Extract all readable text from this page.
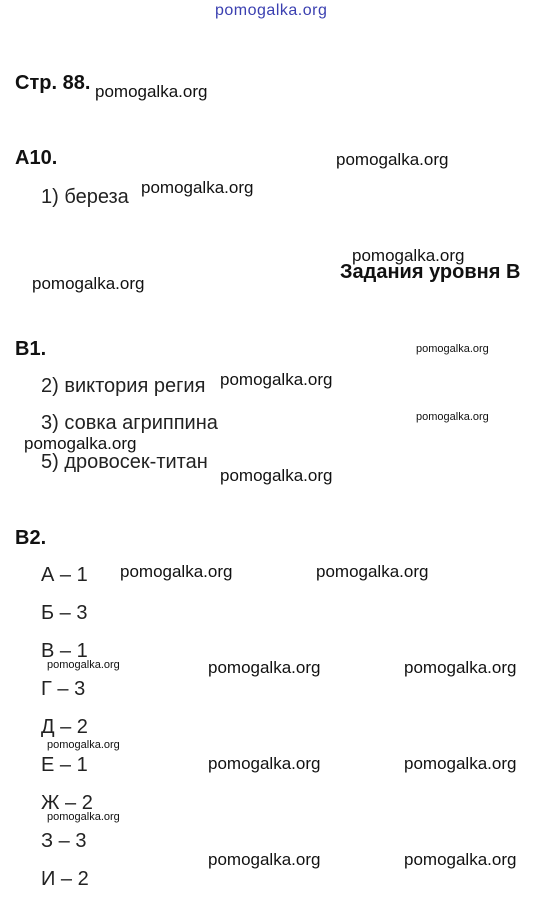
pomogalka.org
Стр. 88. pomogalka.org
А10.	pomogalka.org
1) береза pomogalka.org
pomogalka.org
Задания уровня В
pomogalka.org
В1.	pomogalka.org
2) виктория регия pomogalka.org
3) совка агриппина	pomogalka.org
pomogalka.org
5) дровосек-титан
pomogalka.org
В2.
А – 1 pomogalka.org	pomogalka.org
Б – 3
В – 1
pomogalka.org	pomogalka.org	pomogalka.org
Г – 3
Д – 2
pomogalka.org
Е – 1	pomogalka.org	pomogalka.org
Ж – 2
pomogalka.org
З – 3
pomogalka.org	pomogalka.org
И – 2
